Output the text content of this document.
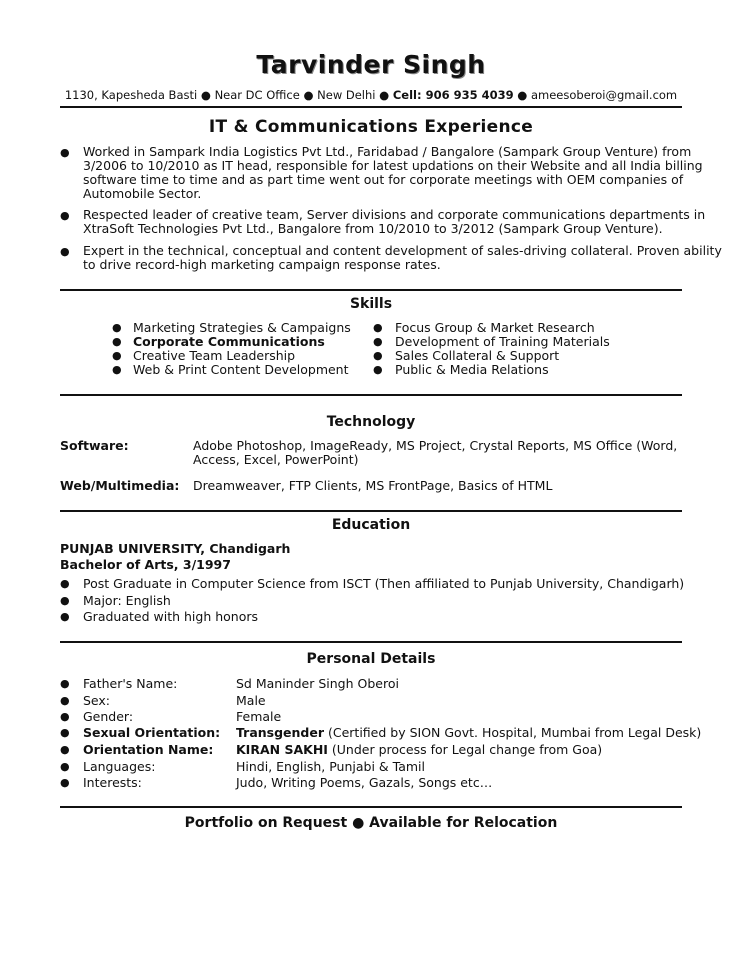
Tarvinder Singh
1130, Kapesheda Basti ● Near DC Office ● New Delhi ● Cell: 906 935 4039 ● ameesoberoi@gmail.com
IT & Communications Experience
● Worked in Sampark India Logistics Pvt Ltd., Faridabad / Bangalore (Sampark Group Venture) from
3/2006 to 10/2010 as IT head, responsible for latest updations on their Website and all India billing
software time to time and as part time went out for corporate meetings with OEM companies of
Automobile Sector.
● Respected leader of creative team, Server divisions and corporate communications departments in
XtraSoft Technologies Pvt Ltd., Bangalore from 10/2010 to 3/2012 (Sampark Group Venture).
● Expert in the technical, conceptual and content development of sales-driving collateral. Proven ability
to drive record-high marketing campaign response rates.
Skills
● Marketing Strategies & Campaigns
● Corporate Communications
● Creative Team Leadership
● Web & Print Content Development
● Focus Group & Market Research
● Development of Training Materials
● Sales Collateral & Support
● Public & Media Relations
Technology
Software:	Adobe Photoshop, ImageReady, MS Project, Crystal Reports, MS Office (Word,
Access, Excel, PowerPoint)
Web/Multimedia: Dreamweaver, FTP Clients, MS FrontPage, Basics of HTML
Education
PUNJAB UNIVERSITY, Chandigarh
Bachelor of Arts, 3/1997
● Post Graduate in Computer Science from ISCT (Then affiliated to Punjab University, Chandigarh)
● Major: English
● Graduated with high honors
Personal Details
● Father's Name:	Sd Maninder Singh Oberoi
● Sex:	Male
● Gender:	Female
● Sexual Orientation: Transgender (Certified by SION Govt. Hospital, Mumbai from Legal Desk)
● Orientation Name: KIRAN SAKHI (Under process for Legal change from Goa)
● Languages:	Hindi, English, Punjabi & Tamil
● Interests:	Judo, Writing Poems, Gazals, Songs etc…
Portfolio on Request ● Available for Relocation
